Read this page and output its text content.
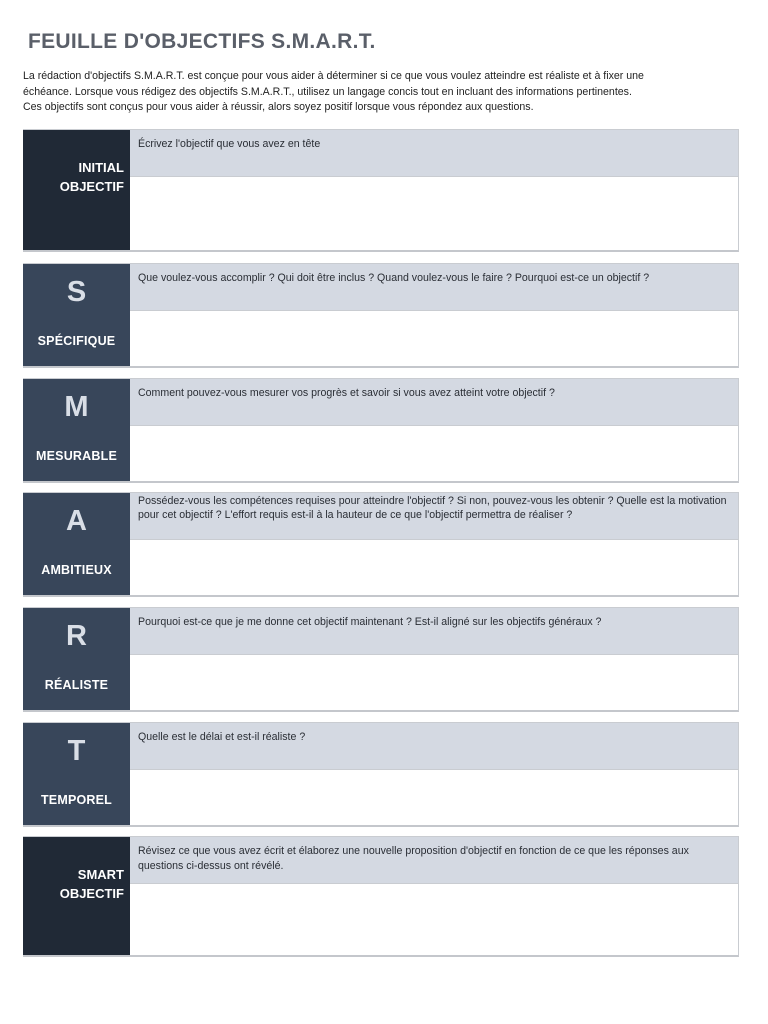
FEUILLE D'OBJECTIFS S.M.A.R.T.

La rédaction d'objectifs S.M.A.R.T. est conçue pour vous aider à déterminer si ce que vous voulez atteindre est réaliste et à fixer une

échéance. Lorsque vous rédigez des objectifs S.M.A.R.T., utilisez un langage concis tout en incluant des informations pertinentes.

Ces objectifs sont conçus pour vous aider à réussir, alors soyez positif lorsque vous répondez aux questions.

INITIAL
OBJECTIF
Écrivez l'objectif que vous avez en tête
S
SPÉCIFIQUE
Que voulez-vous accomplir ? Qui doit être inclus ? Quand voulez-vous le faire ? Pourquoi est-ce un objectif ?
M
MESURABLE
Comment pouvez-vous mesurer vos progrès et savoir si vous avez atteint votre objectif ?
A
AMBITIEUX
Possédez-vous les compétences requises pour atteindre l'objectif ? Si non, pouvez-vous les obtenir ? Quelle est la motivation pour cet objectif ? L'effort requis est-il à la hauteur de ce que l'objectif permettra de réaliser ?
R
RÉALISTE
Pourquoi est-ce que je me donne cet objectif maintenant ? Est-il aligné sur les objectifs généraux ?
T
TEMPOREL
Quelle est le délai et est-il réaliste ?
SMART
OBJECTIF
Révisez ce que vous avez écrit et élaborez une nouvelle proposition d'objectif en fonction de ce que les réponses aux questions ci-dessus ont révélé.
